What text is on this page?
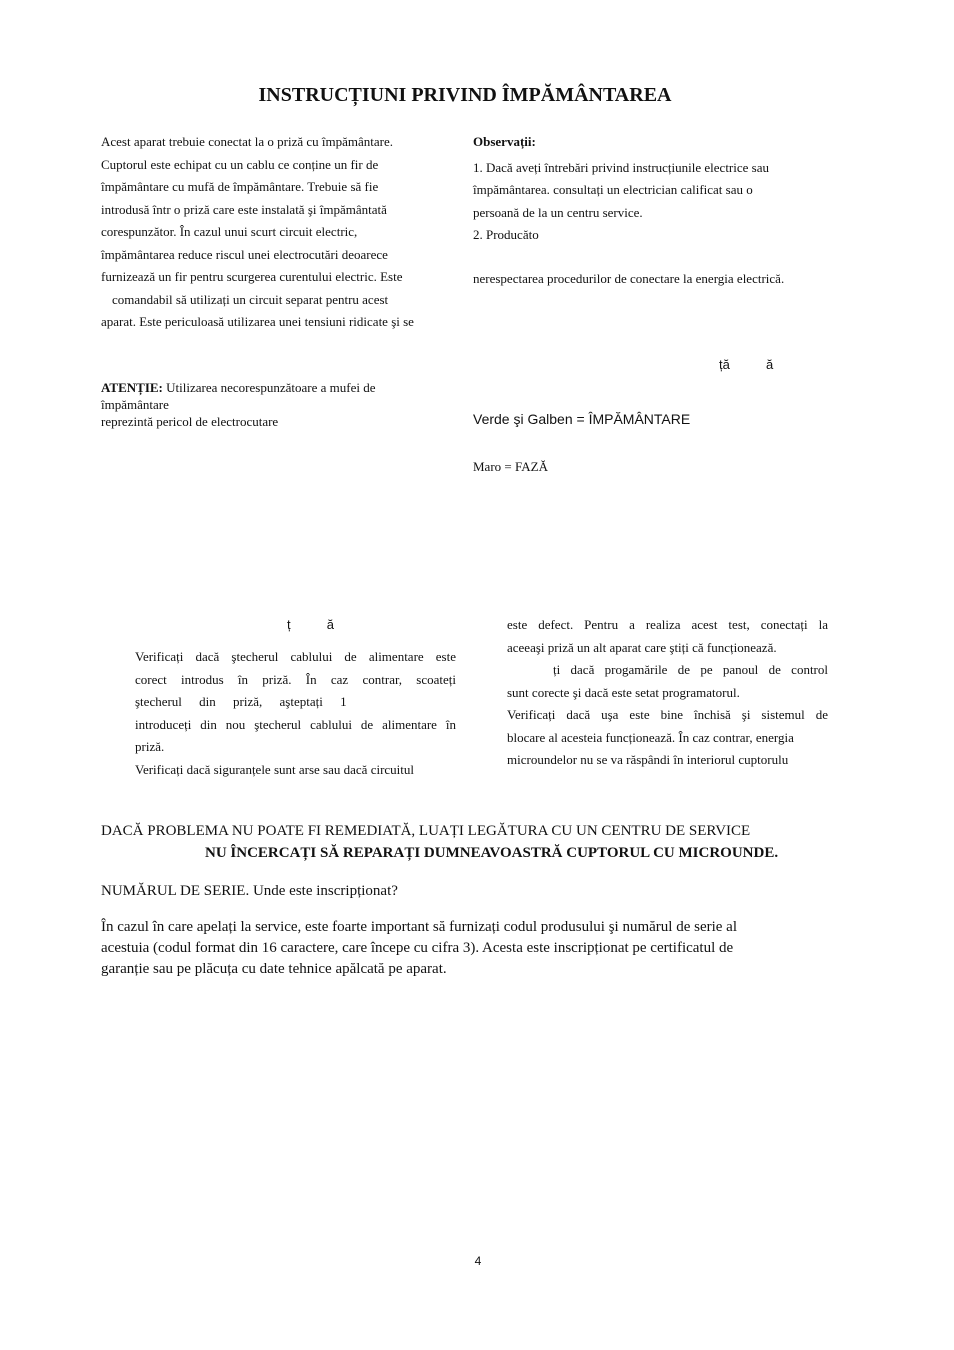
INSTRUCȚIUNI PRIVIND ÎMPĂMÂNTAREA
Acest aparat trebuie conectat la o priză cu împământare.
Cuptorul este echipat cu un cablu ce conține un fir de
împământare cu mufă de împământare. Trebuie să fie
introdusă într o priză care este instalată şi împământată
corespunzător. În cazul unui scurt circuit electric,
împământarea reduce riscul unei electrocutări deoarece
furnizează un fir pentru scurgerea curentului electric. Este
comandabil să utilizați un circuit separat pentru acest
aparat. Este periculoasă utilizarea unei tensiuni ridicate şi se
ATENȚIE: Utilizarea necorespunzătoare a mufei de
împământare
reprezintă pericol de electrocutare
Observații:
1. Dacă aveți întrebări privind instrucțiunile electrice sau
împământarea. consultați un electrician calificat sau o
persoană de la un centru service.
2. Producăto
nerespectarea procedurilor de conectare la energia electrică.
ță          ă
Verde şi Galben = ÎMPĂMÂNTARE
Maro = FAZĂ
ț          ă
Verificați dacă ştecherul cablului de alimentare este
corect introdus în priză. În caz contrar, scoateți
ştecherul din priză, aşteptați 1
introduceți din nou ştecherul cablului de alimentare în
priză.
Verificați dacă siguranțele sunt arse sau dacă circuitul
este defect. Pentru a realiza acest test, conectați la
aceeaşi priză un alt aparat care ştiți că funcționează.
ți dacă progamările de pe panoul de control
sunt corecte şi dacă este setat programatorul.
Verificați dacă uşa este bine închisă şi sistemul de
blocare al acesteia funcționează. În caz contrar, energia
microundelor nu se va răspândi în interiorul cuptorulu
DACĂ PROBLEMA NU POATE FI REMEDIATĂ, LUAȚI LEGĂTURA CU UN CENTRU DE SERVICE
NU ÎNCERCAȚI SĂ REPARAȚI DUMNEAVOASTRĂ CUPTORUL CU MICROUNDE.
NUMĂRUL DE SERIE. Unde este inscripționat?
În cazul în care apelați la service, este foarte important să furnizați codul produsului şi numărul de serie al
acestuia (codul format din 16 caractere, care începe cu cifra 3). Acesta este inscripționat pe certificatul de
garanție sau pe plăcuța cu date tehnice apălcată pe aparat.
4
